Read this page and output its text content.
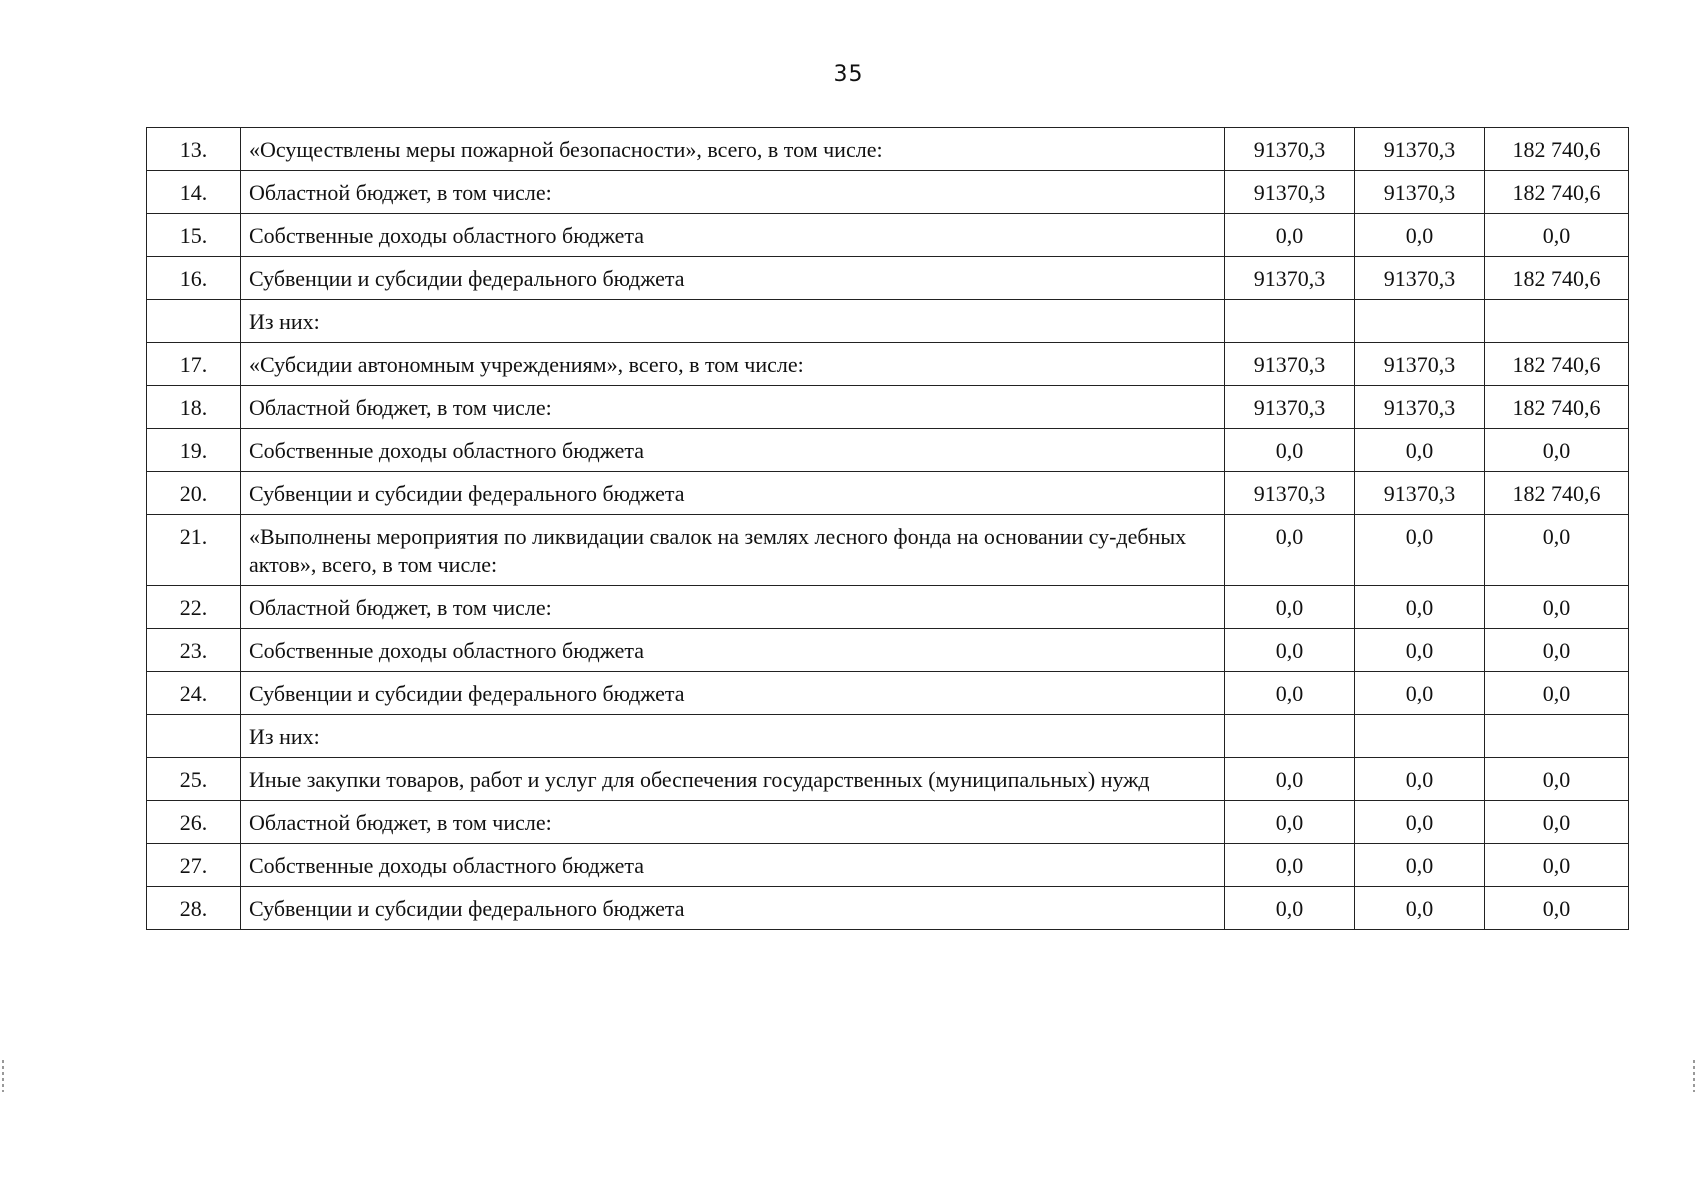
35
13.	«Осуществлены меры пожарной безопасности», всего, в том числе:	91370,3	91370,3	182 740,6
14.	Областной бюджет, в том числе:	91370,3	91370,3	182 740,6
15.	Собственные доходы областного бюджета	0,0	0,0	0,0
16.	Субвенции и субсидии федерального бюджета	91370,3	91370,3	182 740,6
	Из них:			
17.	«Субсидии автономным учреждениям», всего, в том числе:	91370,3	91370,3	182 740,6
18.	Областной бюджет, в том числе:	91370,3	91370,3	182 740,6
19.	Собственные доходы областного бюджета	0,0	0,0	0,0
20.	Субвенции и субсидии федерального бюджета	91370,3	91370,3	182 740,6
21.	«Выполнены мероприятия по ликвидации свалок на землях лесного фонда на основании су-дебных актов», всего, в том числе:	0,0	0,0	0,0
22.	Областной бюджет, в том числе:	0,0	0,0	0,0
23.	Собственные доходы областного бюджета	0,0	0,0	0,0
24.	Субвенции и субсидии федерального бюджета	0,0	0,0	0,0
	Из них:			
25.	Иные закупки товаров, работ и услуг для обеспечения государственных (муниципальных) нужд	0,0	0,0	0,0
26.	Областной бюджет, в том числе:	0,0	0,0	0,0
27.	Собственные доходы областного бюджета	0,0	0,0	0,0
28.	Субвенции и субсидии федерального бюджета	0,0	0,0	0,0
